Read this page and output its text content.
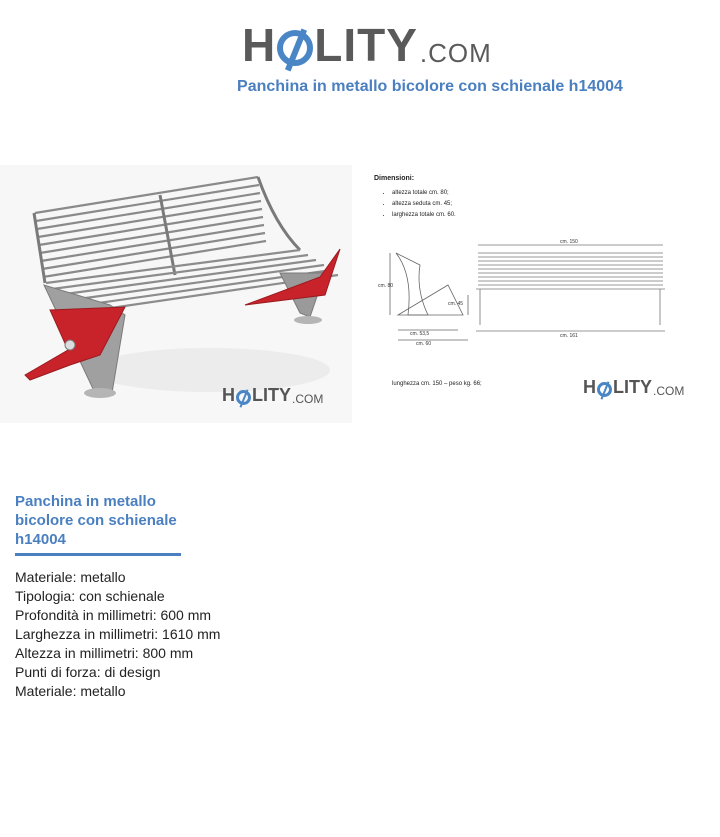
H LITY .COM
Panchina in metallo bicolore con schienale h14004
H LITY .COM
Dimensioni:
• altezza totale cm. 80;
• altezza seduta cm. 45;
• larghezza totale cm. 60.
cm. 80
cm. 45
cm. 53,5
cm. 60
cm. 150
cm. 161
lunghezza cm. 150 – peso kg. 66;	H LITY .COM
Panchina in metallo bicolore con schienale h14004
Materiale: metallo
Tipologia: con schienale
Profondità in millimetri: 600 mm
Larghezza in millimetri: 1610 mm
Altezza in millimetri: 800 mm
Punti di forza: di design
Materiale: metallo
